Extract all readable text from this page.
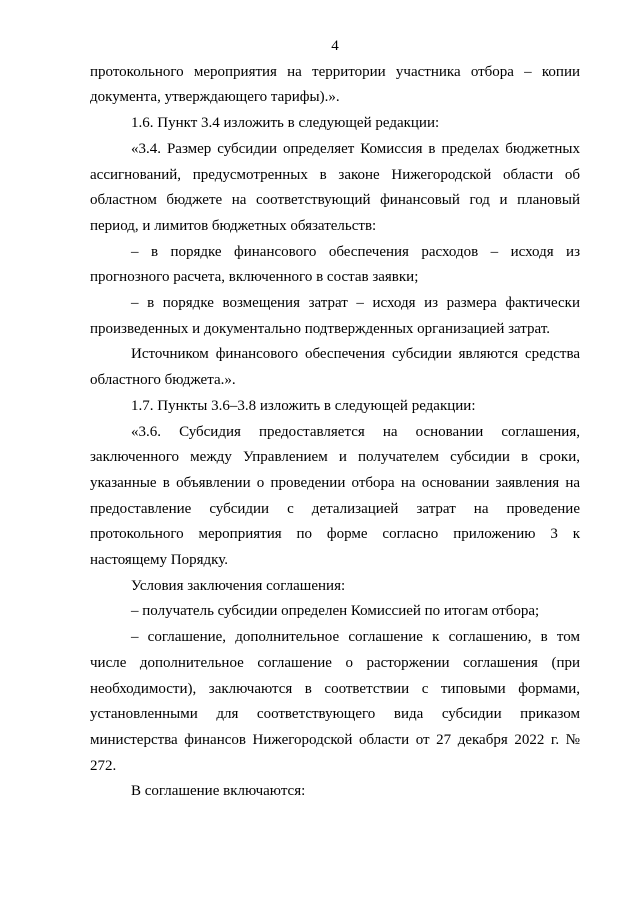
4

протокольного мероприятия на территории участника отбора – копии документа, утверждающего тарифы).».

1.6. Пункт 3.4 изложить в следующей редакции:

«3.4. Размер субсидии определяет Комиссия в пределах бюджетных ассигнований, предусмотренных в законе Нижегородской области об областном бюджете на соответствующий финансовый год и плановый период, и лимитов бюджетных обязательств:

– в порядке финансового обеспечения расходов – исходя из прогнозного расчета, включенного в состав заявки;

– в порядке возмещения затрат – исходя из размера фактически произведенных и документально подтвержденных организацией затрат.

Источником финансового обеспечения субсидии являются средства областного бюджета.».

1.7. Пункты 3.6–3.8 изложить в следующей редакции:

«3.6. Субсидия предоставляется на основании соглашения, заключенного между Управлением и получателем субсидии в сроки, указанные в объявлении о проведении отбора на основании заявления на предоставление субсидии с детализацией затрат на проведение протокольного мероприятия по форме согласно приложению 3 к настоящему Порядку.

Условия заключения соглашения:

– получатель субсидии определен Комиссией по итогам отбора;

– соглашение, дополнительное соглашение к соглашению, в том числе дополнительное соглашение о расторжении соглашения (при необходимости), заключаются в соответствии с типовыми формами, установленными для соответствующего вида субсидии приказом министерства финансов Нижегородской области от 27 декабря 2022 г. № 272.

В соглашение включаются:
